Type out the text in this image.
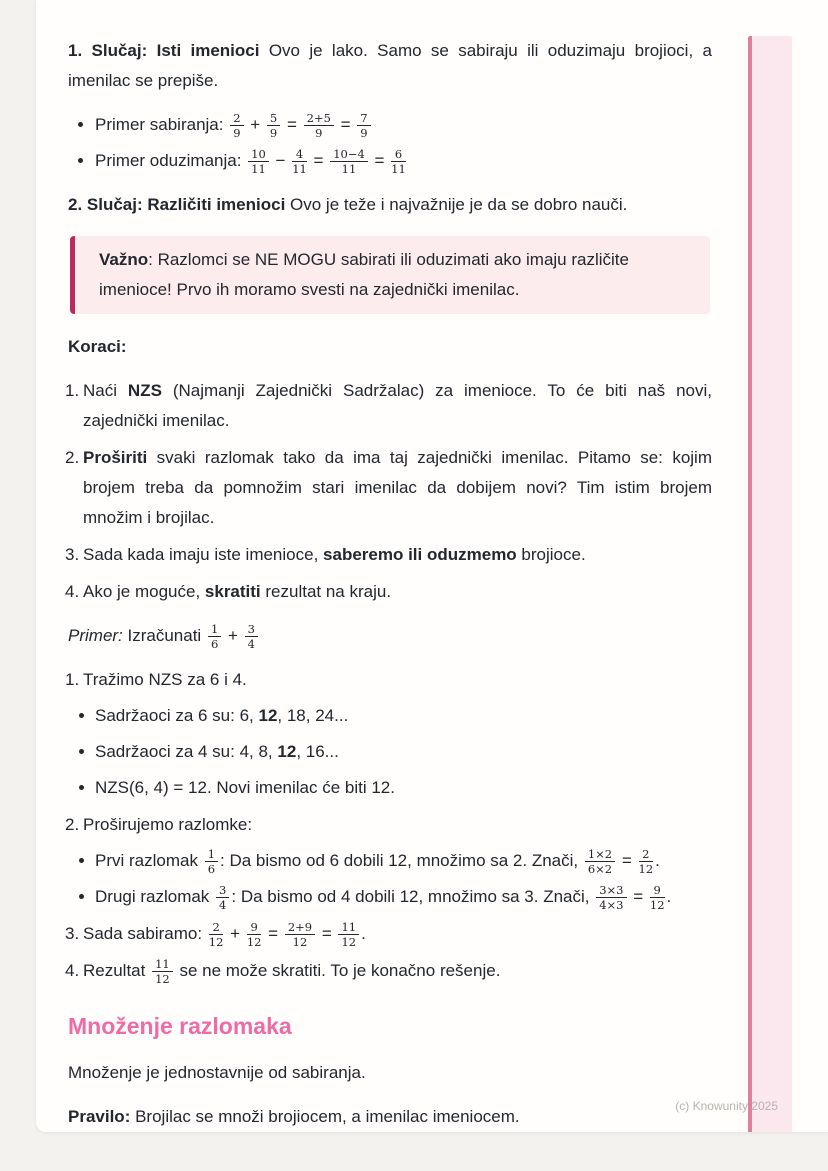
1. Slučaj: Isti imenioci Ovo je lako. Samo se sabiraju ili oduzimaju brojioci, a imenilac se prepiše.

Primer sabiranja: $\frac{2}{9} + \frac{5}{9} = \frac{2+5}{9} = \frac{7}{9}$
Primer oduzimanja: $\frac{10}{11} - \frac{4}{11} = \frac{10-4}{11} = \frac{6}{11}$

2. Slučaj: Različiti imenioci Ovo je teže i najvažnije je da se dobro nauči.

Važno: Razlomci se NE MOGU sabirati ili oduzimati ako imaju različite imenioce! Prvo ih moramo svesti na zajednički imenilac.

Koraci:

1. Naći NZS (Najmanji Zajednički Sadržalac) za imenioce. To će biti naš novi, zajednički imenilac.
2. Proširiti svaki razlomak tako da ima taj zajednički imenilac. Pitamo se: kojim brojem treba da pomnožim stari imenilac da dobijem novi? Tim istim brojem množim i brojilac.
3. Sada kada imaju iste imenioce, saberemo ili oduzmemo brojioce.
4. Ako je moguće, skratiti rezultat na kraju.

Primer: Izračunati $\frac{1}{6} + \frac{3}{4}$

1. Tražimo NZS za 6 i 4.
Sadržaoci za 6 su: 6, 12, 18, 24...
Sadržaoci za 4 su: 4, 8, 12, 16...
NZS(6, 4) = 12. Novi imenilac će biti 12.
2. Proširujemo razlomke:
Prvi razlomak $\frac{1}{6}$ : Da bismo od 6 dobili 12, množimo sa 2. Znači, $\frac{1\times 2}{6\times 2} = \frac{2}{12}$ .
Drugi razlomak $\frac{3}{4}$ : Da bismo od 4 dobili 12, množimo sa 3. Znači, $\frac{3\times 3}{4\times 3} = \frac{9}{12}$ .
3. Sada sabiramo: $\frac{2}{12} + \frac{9}{12} = \frac{2+9}{12} = \frac{11}{12}$ .
4. Rezultat $\frac{11}{12}$ se ne može skratiti. To je konačno rešenje.
Množenje razlomaka

Množenje je jednostavnije od sabiranja.

Pravilo: Brojilac se množi brojiocem, a imenilac imeniocem.

(c) Knowunity 2025
